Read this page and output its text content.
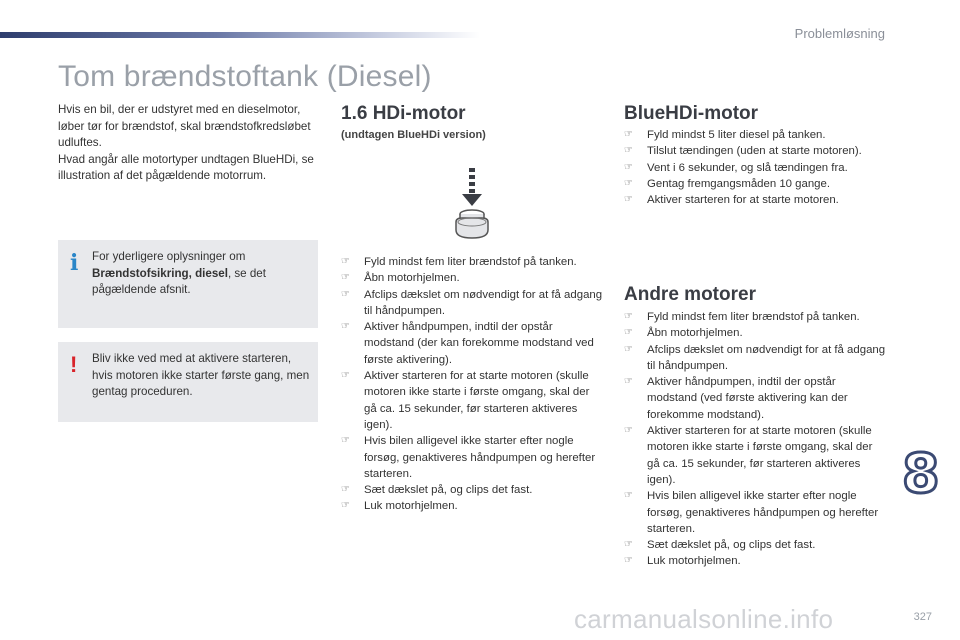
Problemløsning
Tom brændstoftank (Diesel)

Hvis en bil, der er udstyret med en dieselmotor, løber tør for brændstof, skal brændstofkredsløbet udluftes.

Hvad angår alle motortyper undtagen BlueHDi, se illustration af det pågældende motorrum.

i For yderligere oplysninger om
Brændstofsikring, diesel, se det pågældende afsnit.
! Bliv ikke ved med at aktivere starteren, hvis motoren ikke starter første gang, men gentag proceduren.
1.6 HDi-motor
(undtagen BlueHDi version)
☞ Fyld mindst fem liter brændstof på tanken.
☞ Åbn motorhjelmen.
☞ Afclips dækslet om nødvendigt for at få adgang til håndpumpen.
☞ Aktiver håndpumpen, indtil der opstår modstand (der kan forekomme modstand ved første aktivering).
☞ Aktiver starteren for at starte motoren (skulle motoren ikke starte i første omgang, skal der gå ca. 15 sekunder, før starteren aktiveres igen).
☞ Hvis bilen alligevel ikke starter efter nogle forsøg, genaktiveres håndpumpen og herefter starteren.
☞ Sæt dækslet på, og clips det fast.
☞ Luk motorhjelmen.
BlueHDi-motor
☞ Fyld mindst 5 liter diesel på tanken.
☞ Tilslut tændingen (uden at starte motoren).
☞ Vent i 6 sekunder, og slå tændingen fra.
☞ Gentag fremgangsmåden 10 gange.
☞ Aktiver starteren for at starte motoren.
Andre motorer
☞ Fyld mindst fem liter brændstof på tanken.
☞ Åbn motorhjelmen.
☞ Afclips dækslet om nødvendigt for at få adgang til håndpumpen.
☞ Aktiver håndpumpen, indtil der opstår modstand (ved første aktivering kan der forekomme modstand).
☞ Aktiver starteren for at starte motoren (skulle motoren ikke starte i første omgang, skal der gå ca. 15 sekunder, før starteren aktiveres igen).
☞ Hvis bilen alligevel ikke starter efter nogle forsøg, genaktiveres håndpumpen og herefter starteren.
☞ Sæt dækslet på, og clips det fast.
☞ Luk motorhjelmen.
8
carmanualsonline.info	327
